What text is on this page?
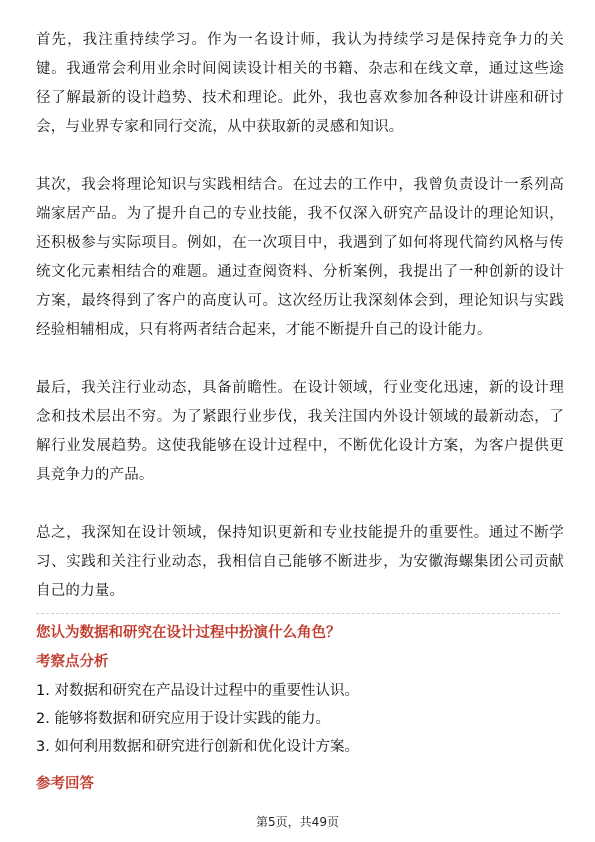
首先，我注重持续学习。作为一名设计师，我认为持续学习是保持竞争力的关键。我通常会利用业余时间阅读设计相关的书籍、杂志和在线文章，通过这些途径了解最新的设计趋势、技术和理论。此外，我也喜欢参加各种设计讲座和研讨会，与业界专家和同行交流，从中获取新的灵感和知识。

其次，我会将理论知识与实践相结合。在过去的工作中，我曾负责设计一系列高端家居产品。为了提升自己的专业技能，我不仅深入研究产品设计的理论知识，还积极参与实际项目。例如，在一次项目中，我遇到了如何将现代简约风格与传统文化元素相结合的难题。通过查阅资料、分析案例，我提出了一种创新的设计方案，最终得到了客户的高度认可。这次经历让我深刻体会到，理论知识与实践经验相辅相成，只有将两者结合起来，才能不断提升自己的设计能力。

最后，我关注行业动态，具备前瞻性。在设计领域，行业变化迅速，新的设计理念和技术层出不穷。为了紧跟行业步伐，我关注国内外设计领域的最新动态，了解行业发展趋势。这使我能够在设计过程中，不断优化设计方案，为客户提供更具竞争力的产品。

总之，我深知在设计领域，保持知识更新和专业技能提升的重要性。通过不断学习、实践和关注行业动态，我相信自己能够不断进步，为安徽海螺集团公司贡献自己的力量。

您认为数据和研究在设计过程中扮演什么角色？

考察点分析

1. 对数据和研究在产品设计过程中的重要性认识。
2. 能够将数据和研究应用于设计实践的能力。
3. 如何利用数据和研究进行创新和优化设计方案。

参考回答

第5页，共49页
